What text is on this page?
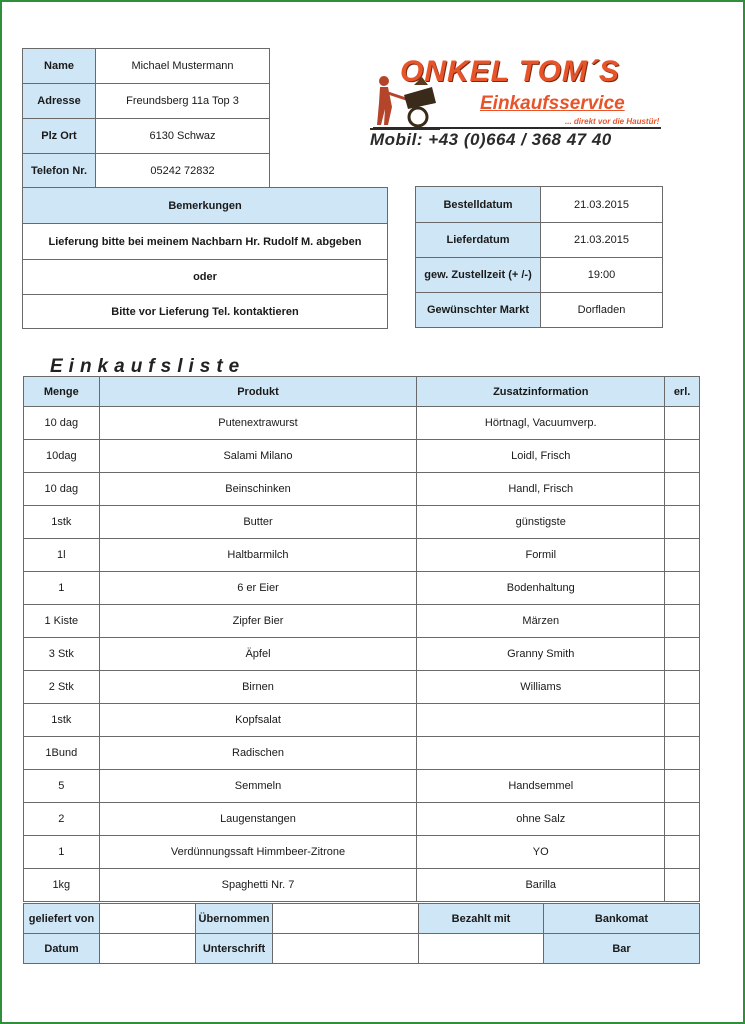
Name	Michael Mustermann
Adresse	Freundsberg 11a Top 3
Plz Ort	6130 Schwaz
Telefon Nr.	05242 72832
ONKEL TOM´S
Einkaufsservice
... direkt vor die Haustür!
Mobil: +43 (0)664 / 368 47 40
Bemerkungen
Lieferung bitte bei meinem Nachbarn Hr. Rudolf M. abgeben
oder
Bitte vor Lieferung Tel. kontaktieren
Bestelldatum	21.03.2015
Lieferdatum	21.03.2015
gew. Zustellzeit (+ /-)	19:00
Gewünschter Markt	Dorfladen
Einkaufsliste
Menge	Produkt	Zusatzinformation	erl.
10 dag	Putenextrawurst	Hörtnagl, Vacuumverp.	
10dag	Salami Milano	Loidl, Frisch	
10 dag	Beinschinken	Handl, Frisch	
1stk	Butter	günstigste	
1l	Haltbarmilch	Formil	
1	6 er Eier	Bodenhaltung	
1 Kiste	Zipfer Bier	Märzen	
3 Stk	Äpfel	Granny Smith	
2 Stk	Birnen	Williams	
1stk	Kopfsalat		
1Bund	Radischen		
5	Semmeln	Handsemmel	
2	Laugenstangen	ohne Salz	
1	Verdünnungssaft Himmbeer-Zitrone	YO	
1kg	Spaghetti Nr. 7	Barilla	
geliefert von		Übernommen		Bezahlt mit	Bankomat
Datum		Unterschrift			Bar
